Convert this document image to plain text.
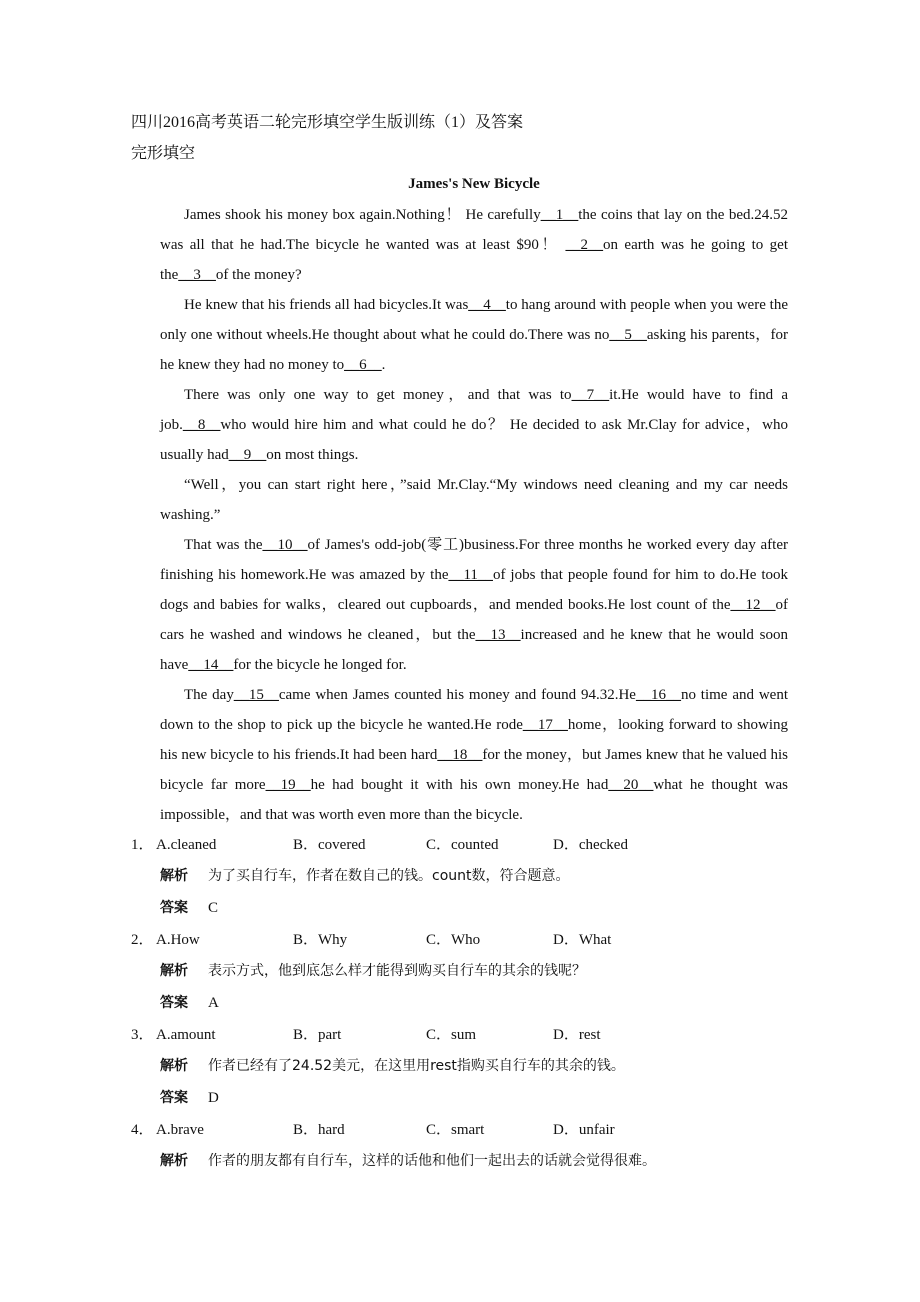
四川2016高考英语二轮完形填空学生版训练（1）及答案
完形填空
James's New Bicycle

James shook his money box again.Nothing！ He carefully__1__the coins that lay on the bed.24.52 was all that he had.The bicycle he wanted was at least $90！ __2__on earth was he going to get the__3__of the money?

He knew that his friends all had bicycles.It was__4__to hang around with people when you were the only one without wheels.He thought about what he could do.There was no__5__asking his parents，for he knew they had no money to__6__.

There was only one way to get money，and that was to__7__it.He would have to find a job.__8__who would hire him and what could he do？ He decided to ask Mr.Clay for advice，who usually had__9__on most things.

“Well，you can start right here，”said Mr.Clay.“My windows need cleaning and my car needs washing.”

That was the__10__of James's odd-job(零工)business.For three months he worked every day after finishing his homework.He was amazed by the__11__of jobs that people found for him to do.He took dogs and babies for walks，cleared out cupboards，and mended books.He lost count of the__12__of cars he washed and windows he cleaned，but the__13__increased and he knew that he would soon have__14__for the bicycle he longed for.

The day__15__came when James counted his money and found 94.32.He__16__no time and went down to the shop to pick up the bicycle he wanted.He rode__17__home，looking forward to showing his new bicycle to his friends.It had been hard__18__for the money，but James knew that he valued his bicycle far more__19__he had bought it with his own money.He had__20__what he thought was impossible，and that was worth even more than the bicycle.

1． A.cleaned	B．covered	C．counted	D．checked
解析 为了买自行车，作者在数自己的钱。count数，符合题意。
答案 C
2． A.How	B．Why	C．Who	D．What
解析 表示方式，他到底怎么样才能得到购买自行车的其余的钱呢？
答案 A
3． A.amount	B．part	C．sum	D．rest
解析 作者已经有了24.52美元，在这里用rest指购买自行车的其余的钱。
答案 D
4． A.brave	B．hard	C．smart	D．unfair
解析 作者的朋友都有自行车，这样的话他和他们一起出去的话就会觉得很难。
